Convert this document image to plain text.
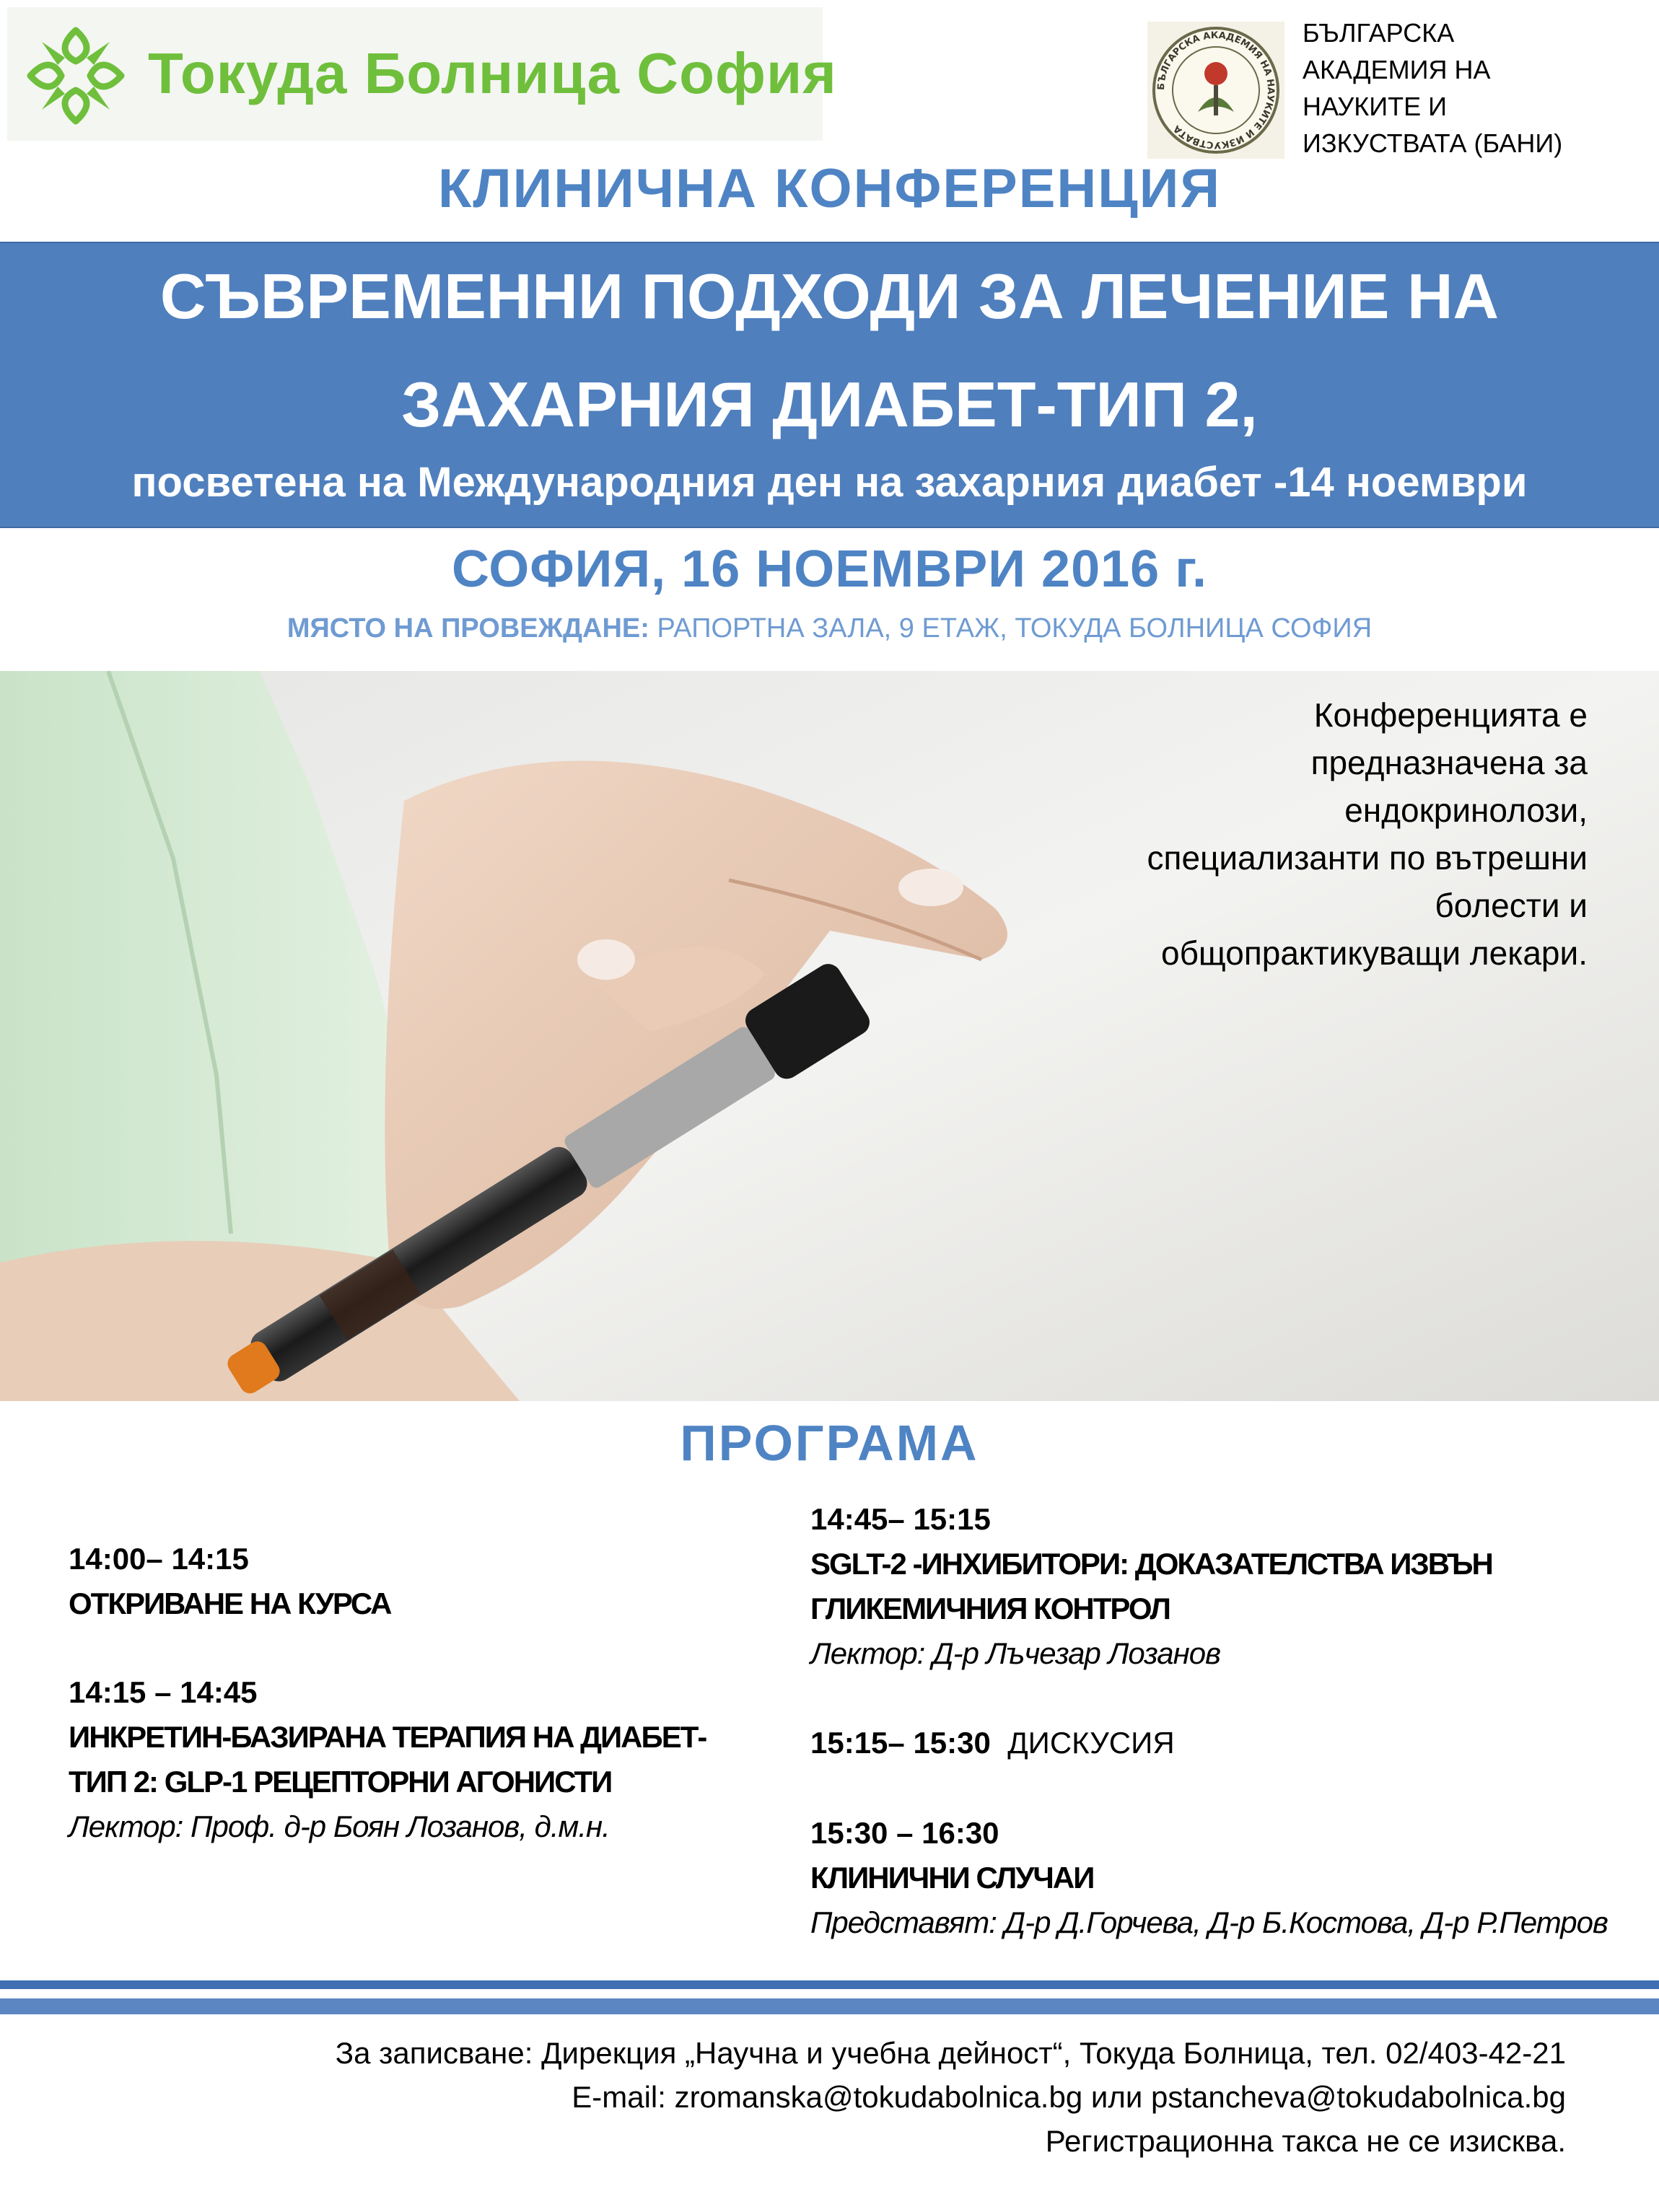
Токуда Болница София	БЪЛГАРСКА АКАДЕМИЯ НА НАУКИТЕ И ИЗКУСТВАТА
БЪЛГАРСКА
АКАДЕМИЯ НА
НАУКИТЕ И
ИЗКУСТВАТА (БАНИ)
КЛИНИЧНА КОНФЕРЕНЦИЯ
СЪВРЕМЕННИ ПОДХОДИ ЗА ЛЕЧЕНИЕ НА
ЗАХАРНИЯ ДИАБЕТ-ТИП 2,
посветена на Международния ден на захарния диабет -14 ноември
СОФИЯ, 16 НОЕМВРИ 2016 г.
МЯСТО НА ПРОВЕЖДАНЕ: РАПОРТНА ЗАЛА, 9 ЕТАЖ, ТОКУДА БОЛНИЦА СОФИЯ
Конференцията е
предназначена за
ендокринолози,
специализанти по вътрешни
болести и
общопрактикуващи лекари.
ПРОГРАМА
14:00– 14:15
ОТКРИВАНЕ НА КУРСА
14:15 – 14:45
ИНКРЕТИН-БАЗИРАНА ТЕРАПИЯ НА ДИАБЕТ-
ТИП 2: GLP-1 РЕЦЕПТОРНИ АГОНИСТИ
Лектор: Проф. д-р Боян Лозанов, д.м.н.
14:45– 15:15
SGLT-2 -ИНХИБИТОРИ: ДОКАЗАТЕЛСТВА ИЗВЪН
ГЛИКЕМИЧНИЯ КОНТРОЛ
Лектор: Д-р Лъчезар Лозанов
15:15– 15:30 ДИСКУСИЯ
15:30 – 16:30
КЛИНИЧНИ СЛУЧАИ
Представят: Д-р Д.Горчева, Д-р Б.Костова, Д-р Р.Петров
За записване: Дирекция „Научна и учебна дейност“, Токуда Болница, тел. 02/403-42-21
E-mail: zromanska@tokudabolnica.bg или pstancheva@tokudabolnica.bg
Регистрационна такса не се изисква.
